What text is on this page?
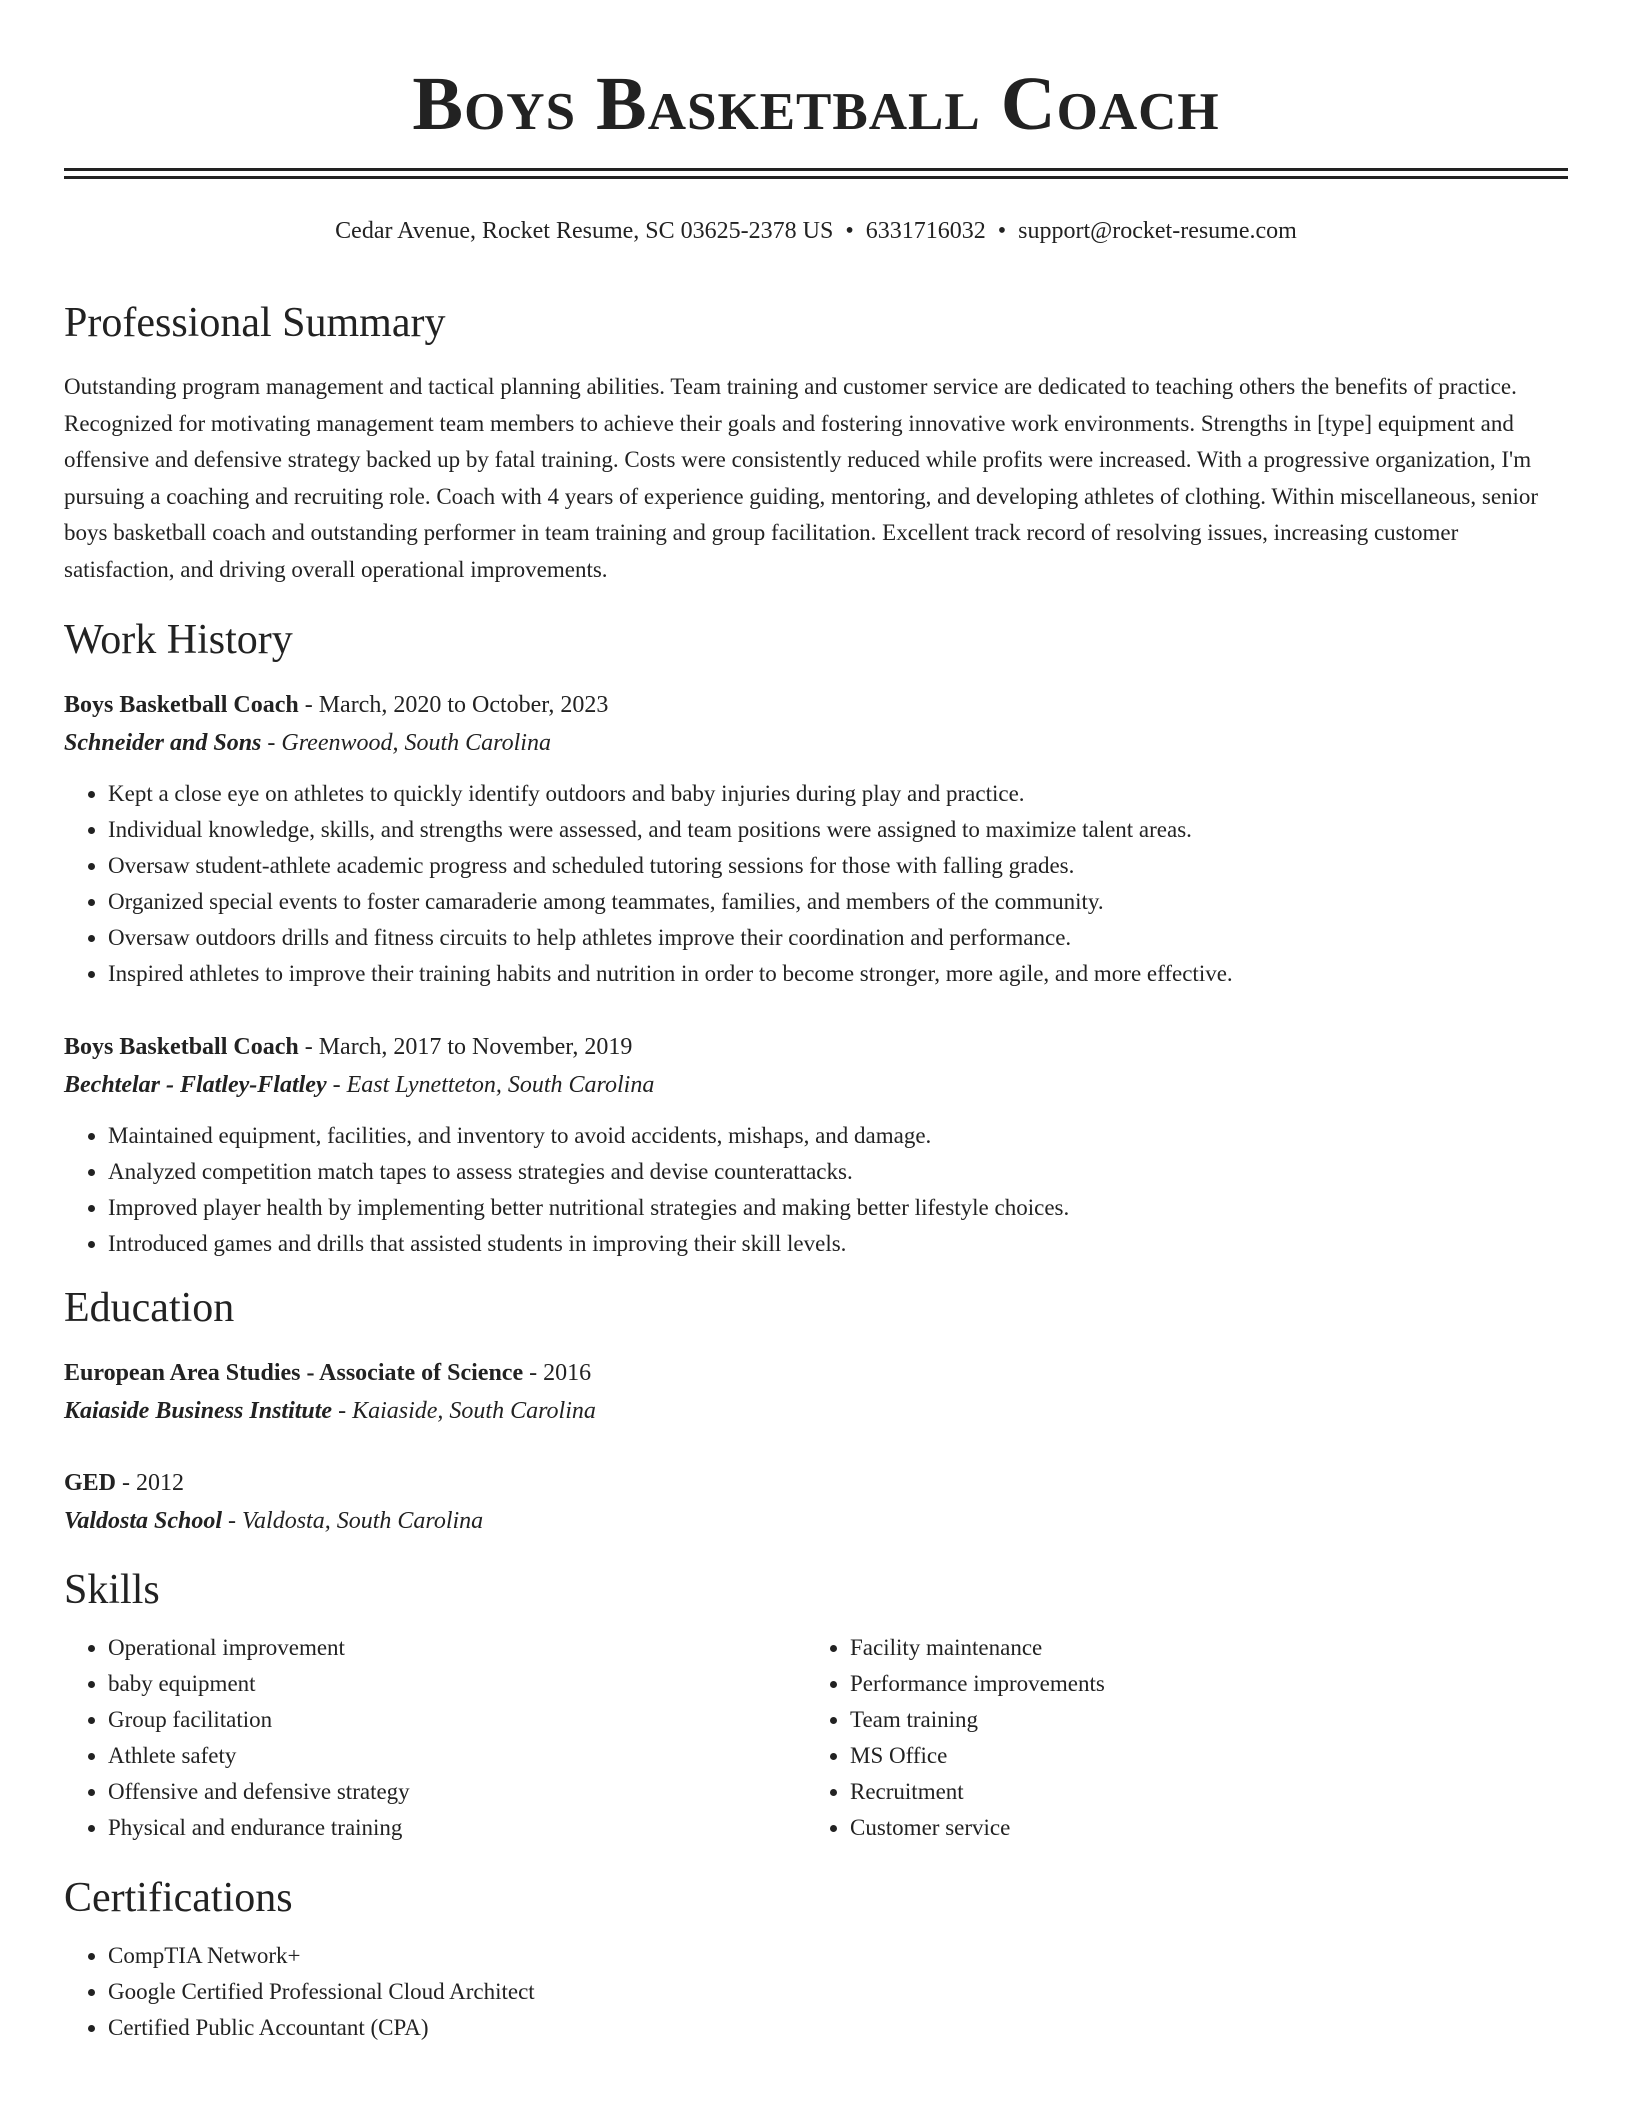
Boys Basketball Coach
Cedar Avenue, Rocket Resume, SC 03625-2378 US • 6331716032 • support@rocket-resume.com
Professional Summary
Outstanding program management and tactical planning abilities. Team training and customer service are dedicated to teaching others the benefits of practice. Recognized for motivating management team members to achieve their goals and fostering innovative work environments. Strengths in [type] equipment and offensive and defensive strategy backed up by fatal training. Costs were consistently reduced while profits were increased. With a progressive organization, I'm pursuing a coaching and recruiting role. Coach with 4 years of experience guiding, mentoring, and developing athletes of clothing. Within miscellaneous, senior boys basketball coach and outstanding performer in team training and group facilitation. Excellent track record of resolving issues, increasing customer satisfaction, and driving overall operational improvements.
Work History
Boys Basketball Coach - March, 2020 to October, 2023
Schneider and Sons - Greenwood, South Carolina
• Kept a close eye on athletes to quickly identify outdoors and baby injuries during play and practice.
• Individual knowledge, skills, and strengths were assessed, and team positions were assigned to maximize talent areas.
• Oversaw student-athlete academic progress and scheduled tutoring sessions for those with falling grades.
• Organized special events to foster camaraderie among teammates, families, and members of the community.
• Oversaw outdoors drills and fitness circuits to help athletes improve their coordination and performance.
• Inspired athletes to improve their training habits and nutrition in order to become stronger, more agile, and more effective.
Boys Basketball Coach - March, 2017 to November, 2019
Bechtelar - Flatley-Flatley - East Lynetteton, South Carolina
• Maintained equipment, facilities, and inventory to avoid accidents, mishaps, and damage.
• Analyzed competition match tapes to assess strategies and devise counterattacks.
• Improved player health by implementing better nutritional strategies and making better lifestyle choices.
• Introduced games and drills that assisted students in improving their skill levels.
Education
European Area Studies - Associate of Science - 2016
Kaiaside Business Institute - Kaiaside, South Carolina
GED - 2012
Valdosta School - Valdosta, South Carolina
Skills
• Operational improvement
• baby equipment
• Group facilitation
• Athlete safety
• Offensive and defensive strategy
• Physical and endurance training
• Facility maintenance
• Performance improvements
• Team training
• MS Office
• Recruitment
• Customer service
Certifications
• CompTIA Network+
• Google Certified Professional Cloud Architect
• Certified Public Accountant (CPA)
